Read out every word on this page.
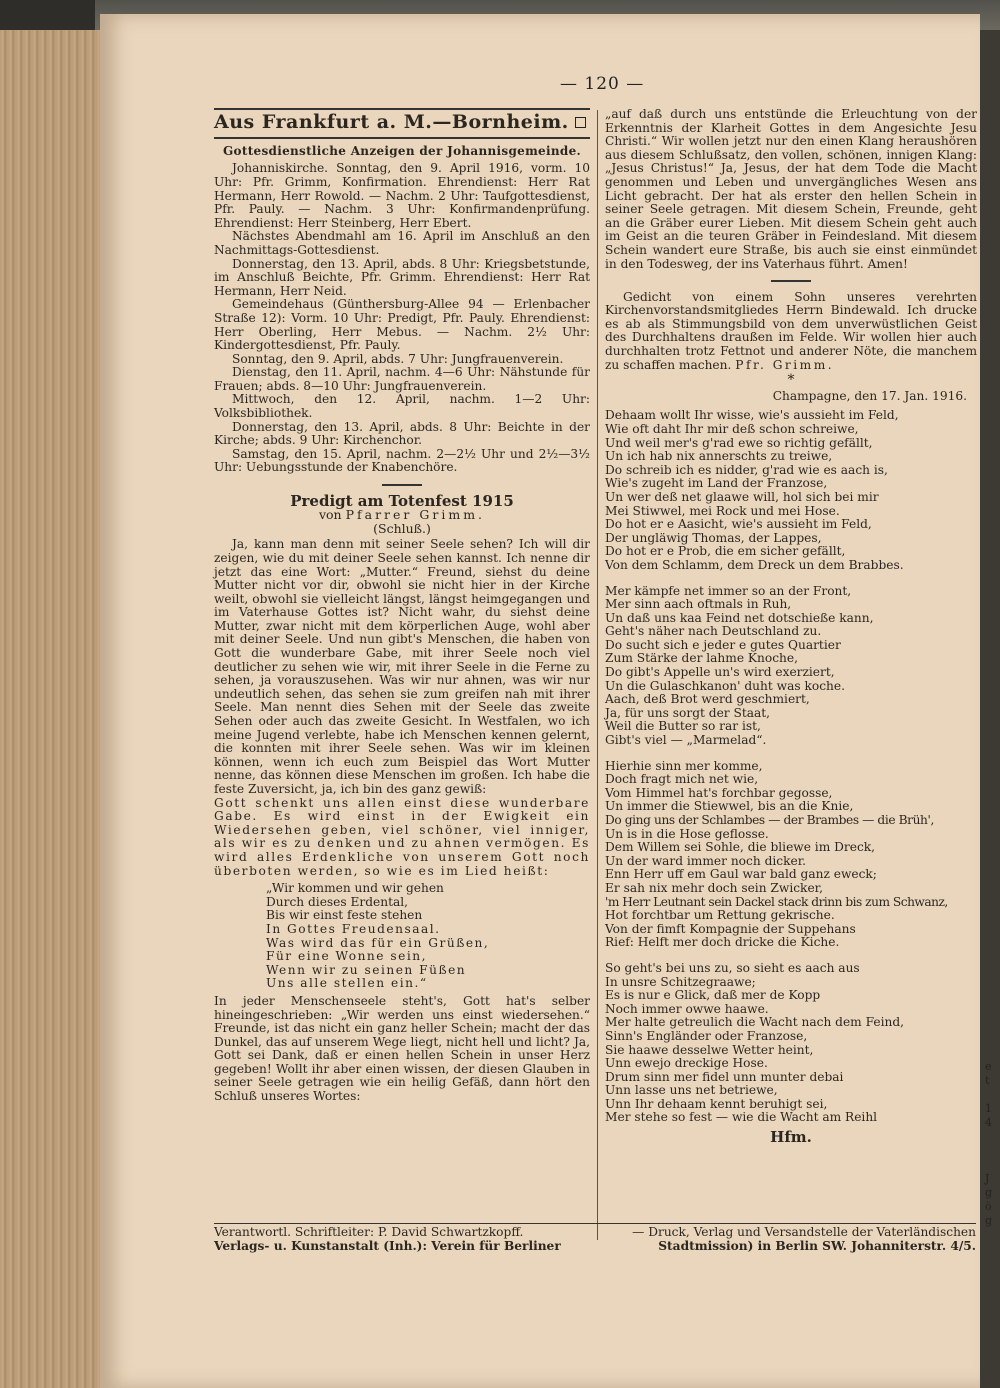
e
t
1
4
J
g
ö
g
— 120 —
Aus Frankfurt a. M.—Bornheim.
Gottesdienstliche Anzeigen der Johannisgemeinde.

Johanniskirche. Sonntag, den 9. April 1916, vorm. 10 Uhr: Pfr. Grimm, Konfirmation. Ehrendienst: Herr Rat Hermann, Herr Rowold. — Nachm. 2 Uhr: Taufgottesdienst, Pfr. Pauly. — Nachm. 3 Uhr: Konfirmandenprüfung. Ehrendienst: Herr Steinberg, Herr Ebert.

Nächstes Abendmahl am 16. April im Anschluß an den Nachmittags-Gottesdienst.

Donnerstag, den 13. April, abds. 8 Uhr: Kriegsbetstunde, im Anschluß Beichte, Pfr. Grimm. Ehrendienst: Herr Rat Hermann, Herr Neid.

Gemeindehaus (Günthersburg-Allee 94 — Erlenbacher Straße 12): Vorm. 10 Uhr: Predigt, Pfr. Pauly. Ehrendienst: Herr Oberling, Herr Mebus. — Nachm. 2½ Uhr: Kindergottesdienst, Pfr. Pauly.

Sonntag, den 9. April, abds. 7 Uhr: Jungfrauenverein.

Dienstag, den 11. April, nachm. 4—6 Uhr: Nähstunde für Frauen; abds. 8—10 Uhr: Jungfrauenverein.

Mittwoch, den 12. April, nachm. 1—2 Uhr: Volksbibliothek.

Donnerstag, den 13. April, abds. 8 Uhr: Beichte in der Kirche; abds. 9 Uhr: Kirchenchor.

Samstag, den 15. April, nachm. 2—2½ Uhr und 2½—3½ Uhr: Uebungsstunde der Knabenchöre.

Predigt am Totenfest 1915
von Pfarrer Grimm.
(Schluß.)

Ja, kann man denn mit seiner Seele sehen? Ich will dir zeigen, wie du mit deiner Seele sehen kannst. Ich nenne dir jetzt das eine Wort: „Mutter.“ Freund, siehst du deine Mutter nicht vor dir, obwohl sie nicht hier in der Kirche weilt, obwohl sie vielleicht längst, längst heimgegangen und im Vaterhause Gottes ist? Nicht wahr, du siehst deine Mutter, zwar nicht mit dem körperlichen Auge, wohl aber mit deiner Seele. Und nun gibt's Menschen, die haben von Gott die wunderbare Gabe, mit ihrer Seele noch viel deutlicher zu sehen wie wir, mit ihrer Seele in die Ferne zu sehen, ja vorauszusehen. Was wir nur ahnen, was wir nur undeutlich sehen, das sehen sie zum greifen nah mit ihrer Seele. Man nennt dies Sehen mit der Seele das zweite Sehen oder auch das zweite Gesicht. In Westfalen, wo ich meine Jugend verlebte, habe ich Menschen kennen gelernt, die konnten mit ihrer Seele sehen. Was wir im kleinen können, wenn ich euch zum Beispiel das Wort Mutter nenne, das können diese Menschen im großen. Ich habe die feste Zuversicht, ja, ich bin des ganz gewiß:

Gott schenkt uns allen einst diese wunderbare Gabe. Es wird einst in der Ewigkeit ein Wiedersehen geben, viel schöner, viel inniger, als wir es zu denken und zu ahnen vermögen. Es wird alles Erdenkliche von unserem Gott noch überboten werden, so wie es im Lied heißt:

„Wir kommen und wir gehen
Durch dieses Erdental,
Bis wir einst feste stehen
In Gottes Freudensaal.
Was wird das für ein Grüßen,
Für eine Wonne sein,
Wenn wir zu seinen Füßen
Uns alle stellen ein.“

In jeder Menschenseele steht's, Gott hat's selber hineingeschrieben: „Wir werden uns einst wiedersehen.“ Freunde, ist das nicht ein ganz heller Schein; macht der das Dunkel, das auf unserem Wege liegt, nicht hell und licht? Ja, Gott sei Dank, daß er einen hellen Schein in unser Herz gegeben! Wollt ihr aber einen wissen, der diesen Glauben in seiner Seele getragen wie ein heilig Gefäß, dann hört den Schluß unseres Wortes:

„auf daß durch uns entstünde die Erleuchtung von der Erkenntnis der Klarheit Gottes in dem Angesichte Jesu Christi.“ Wir wollen jetzt nur den einen Klang heraushören aus diesem Schlußsatz, den vollen, schönen, innigen Klang: „Jesus Christus!“ Ja, Jesus, der hat dem Tode die Macht genommen und Leben und unvergängliches Wesen ans Licht gebracht. Der hat als erster den hellen Schein in seiner Seele getragen. Mit diesem Schein, Freunde, geht an die Gräber eurer Lieben. Mit diesem Schein geht auch im Geist an die teuren Gräber in Feindesland. Mit diesem Schein wandert eure Straße, bis auch sie einst einmündet in den Todesweg, der ins Vaterhaus führt. Amen!

Gedicht von einem Sohn unseres verehrten Kirchenvorstandsmitgliedes Herrn Bindewald. Ich drucke es ab als Stimmungsbild von dem unverwüstlichen Geist des Durchhaltens draußen im Felde. Wir wollen hier auch durchhalten trotz Fettnot und anderer Nöte, die manchem zu schaffen machen. Pfr. Grimm.

*
Champagne, den 17. Jan. 1916.
Dehaam wollt Ihr wisse, wie's aussieht im Feld,
Wie oft daht Ihr mir deß schon schreiwe,
Und weil mer's g'rad ewe so richtig gefällt,
Un ich hab nix annerschts zu treiwe,
Do schreib ich es nidder, g'rad wie es aach is,
Wie's zugeht im Land der Franzose,
Un wer deß net glaawe will, hol sich bei mir
Mei Stiwwel, mei Rock und mei Hose.
Do hot er e Aasicht, wie's aussieht im Feld,
Der ungläwig Thomas, der Lappes,
Do hot er e Prob, die em sicher gefällt,
Von dem Schlamm, dem Dreck un dem Brabbes.
Mer kämpfe net immer so an der Front,
Mer sinn aach oftmals in Ruh,
Un daß uns kaa Feind net dotschieße kann,
Geht's näher nach Deutschland zu.
Do sucht sich e jeder e gutes Quartier
Zum Stärke der lahme Knoche,
Do gibt's Appelle un's wird exerziert,
Un die Gulaschkanon' duht was koche.
Aach, deß Brot werd geschmiert,
Ja, für uns sorgt der Staat,
Weil die Butter so rar ist,
Gibt's viel — „Marmelad“.
Hierhie sinn mer komme,
Doch fragt mich net wie,
Vom Himmel hat's forchbar gegosse,
Un immer die Stiewwel, bis an die Knie,
Do ging uns der Schlambes — der Brambes — die Brüh',
Un is in die Hose geflosse.
Dem Willem sei Sohle, die bliewe im Dreck,
Un der ward immer noch dicker.
Enn Herr uff em Gaul war bald ganz eweck;
Er sah nix mehr doch sein Zwicker,
'm Herr Leutnant sein Dackel stack drinn bis zum Schwanz,
Hot forchtbar um Rettung gekrische.
Von der fimft Kompagnie der Suppehans
Rief: Helft mer doch dricke die Kiche.
So geht's bei uns zu, so sieht es aach aus
In unsre Schitzegraawe;
Es is nur e Glick, daß mer de Kopp
Noch immer owwe haawe.
Mer halte getreulich die Wacht nach dem Feind,
Sinn's Engländer oder Franzose,
Sie haawe desselwe Wetter heint,
Unn ewejo dreckige Hose.
Drum sinn mer fidel unn munter debai
Unn lasse uns net betriewe,
Unn Ihr dehaam kennt beruhigt sei,
Mer stehe so fest — wie die Wacht am Reihl
Hfm.
Verantwortl. Schriftleiter: P. David Schwartzkopff.	— Druck, Verlag und Versandstelle der Vaterländischen
Verlags- u. Kunstanstalt (Inh.): Verein für Berliner	Stadtmission) in Berlin SW. Johanniterstr. 4/5.
